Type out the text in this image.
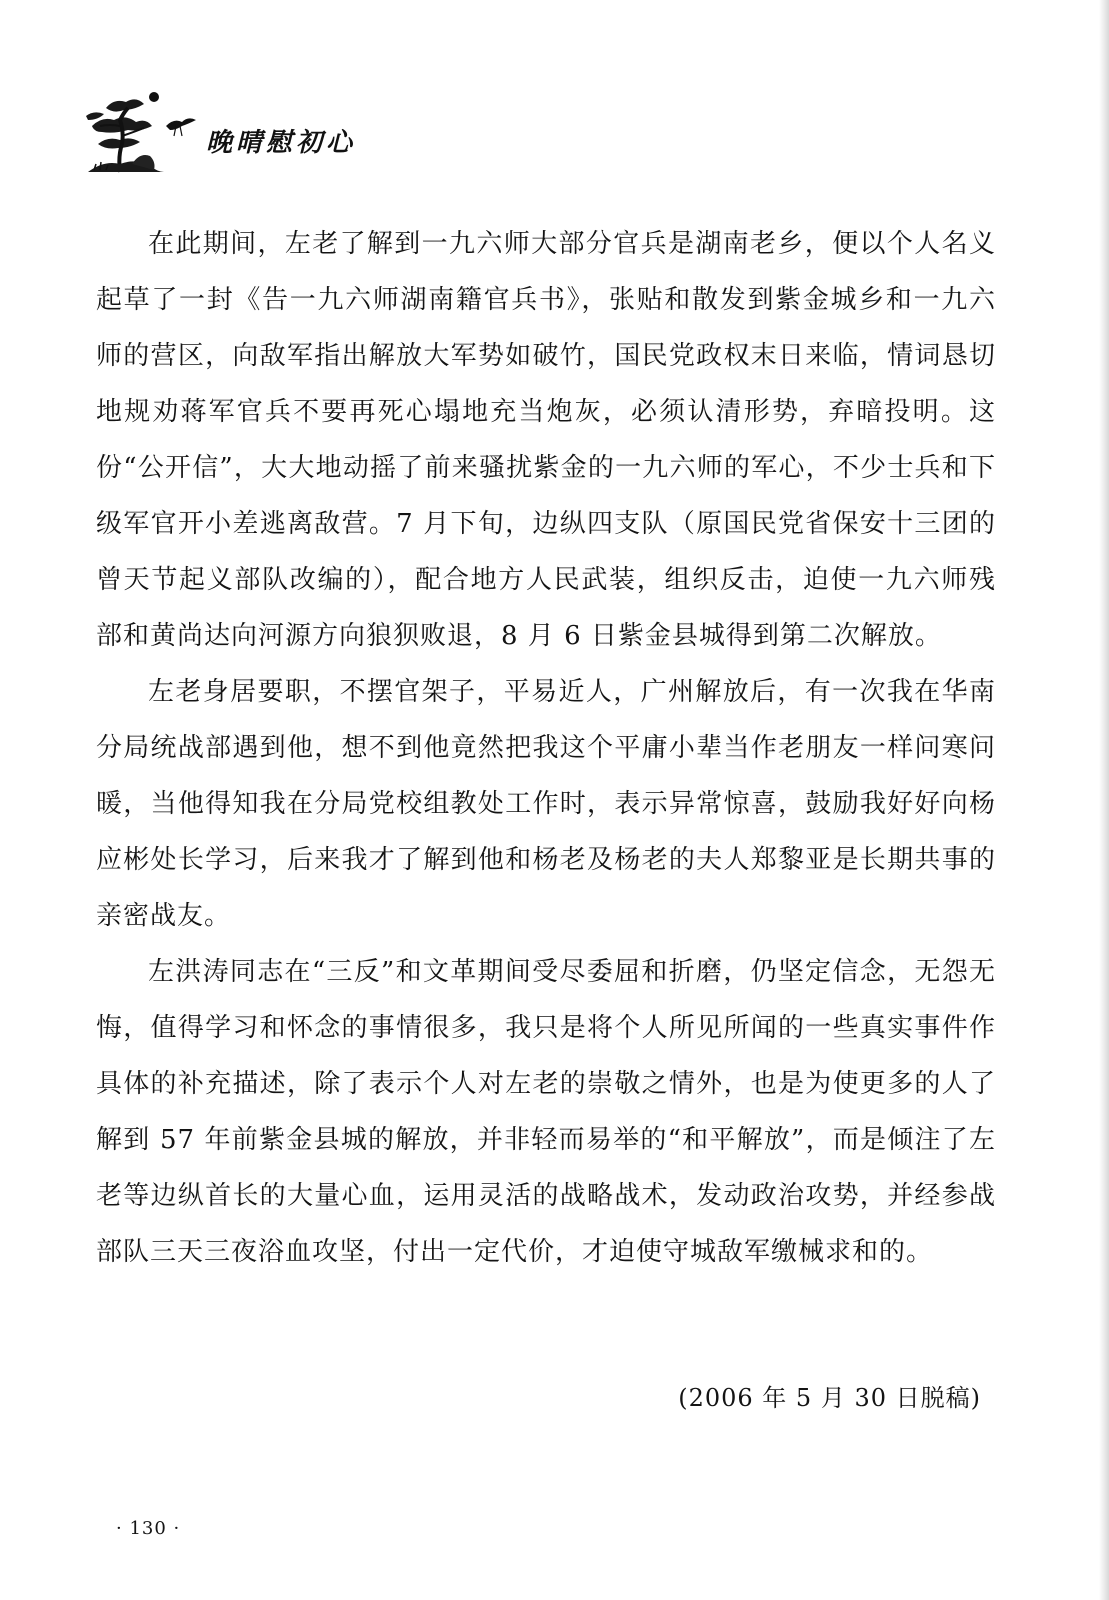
晚晴慰初心

在此期间，左老了解到一九六师大部分官兵是湖南老乡，便以个人名义起草了一封《告一九六师湖南籍官兵书》，张贴和散发到紫金城乡和一九六师的营区，向敌军指出解放大军势如破竹，国民党政权末日来临，情词恳切地规劝蒋军官兵不要再死心塌地充当炮灰，必须认清形势，弃暗投明。这份“公开信”，大大地动摇了前来骚扰紫金的一九六师的军心，不少士兵和下级军官开小差逃离敌营。7 月下旬，边纵四支队（原国民党省保安十三团的曾天节起义部队改编的），配合地方人民武装，组织反击，迫使一九六师残部和黄尚达向河源方向狼狈败退，8 月 6 日紫金县城得到第二次解放。

左老身居要职，不摆官架子，平易近人，广州解放后，有一次我在华南分局统战部遇到他，想不到他竟然把我这个平庸小辈当作老朋友一样问寒问暖，当他得知我在分局党校组教处工作时，表示异常惊喜，鼓励我好好向杨应彬处长学习，后来我才了解到他和杨老及杨老的夫人郑黎亚是长期共事的亲密战友。

左洪涛同志在“三反”和文革期间受尽委屈和折磨，仍坚定信念，无怨无悔，值得学习和怀念的事情很多，我只是将个人所见所闻的一些真实事件作具体的补充描述，除了表示个人对左老的崇敬之情外，也是为使更多的人了解到 57 年前紫金县城的解放，并非轻而易举的“和平解放”，而是倾注了左老等边纵首长的大量心血，运用灵活的战略战术，发动政治攻势，并经参战部队三天三夜浴血攻坚，付出一定代价，才迫使守城敌军缴械求和的。

(2006 年 5 月 30 日脱稿)
· 130 ·
